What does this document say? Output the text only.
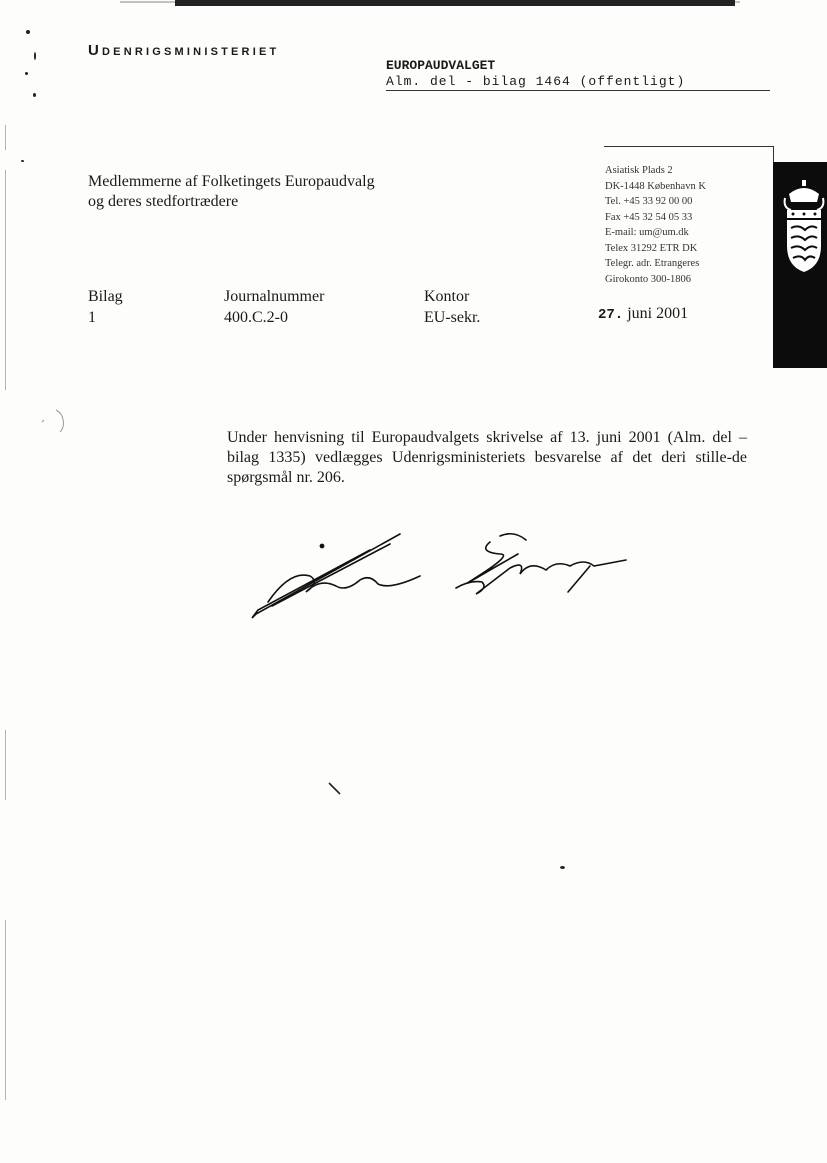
Udenrigsministeriet
EUROPAUDVALGET
Alm. del - bilag 1464 (offentligt)
Asiatisk Plads 2
DK-1448 København K
Tel. +45 33 92 00 00
Fax +45 32 54 05 33
E-mail: um@um.dk
Telex 31292 ETR DK
Telegr. adr. Etrangeres
Girokonto 300-1806
Medlemmerne af Folketingets Europaudvalg
og deres stedfortrædere
Bilag
1
Journalnummer
400.C.2-0
Kontor
EU-sekr.	27. juni 2001
Under henvisning til Europaudvalgets skrivelse af 13. juni 2001 (Alm. del – bilag 1335) vedlægges Udenrigsministeriets besvarelse af det deri stille-de spørgsmål nr. 206.
